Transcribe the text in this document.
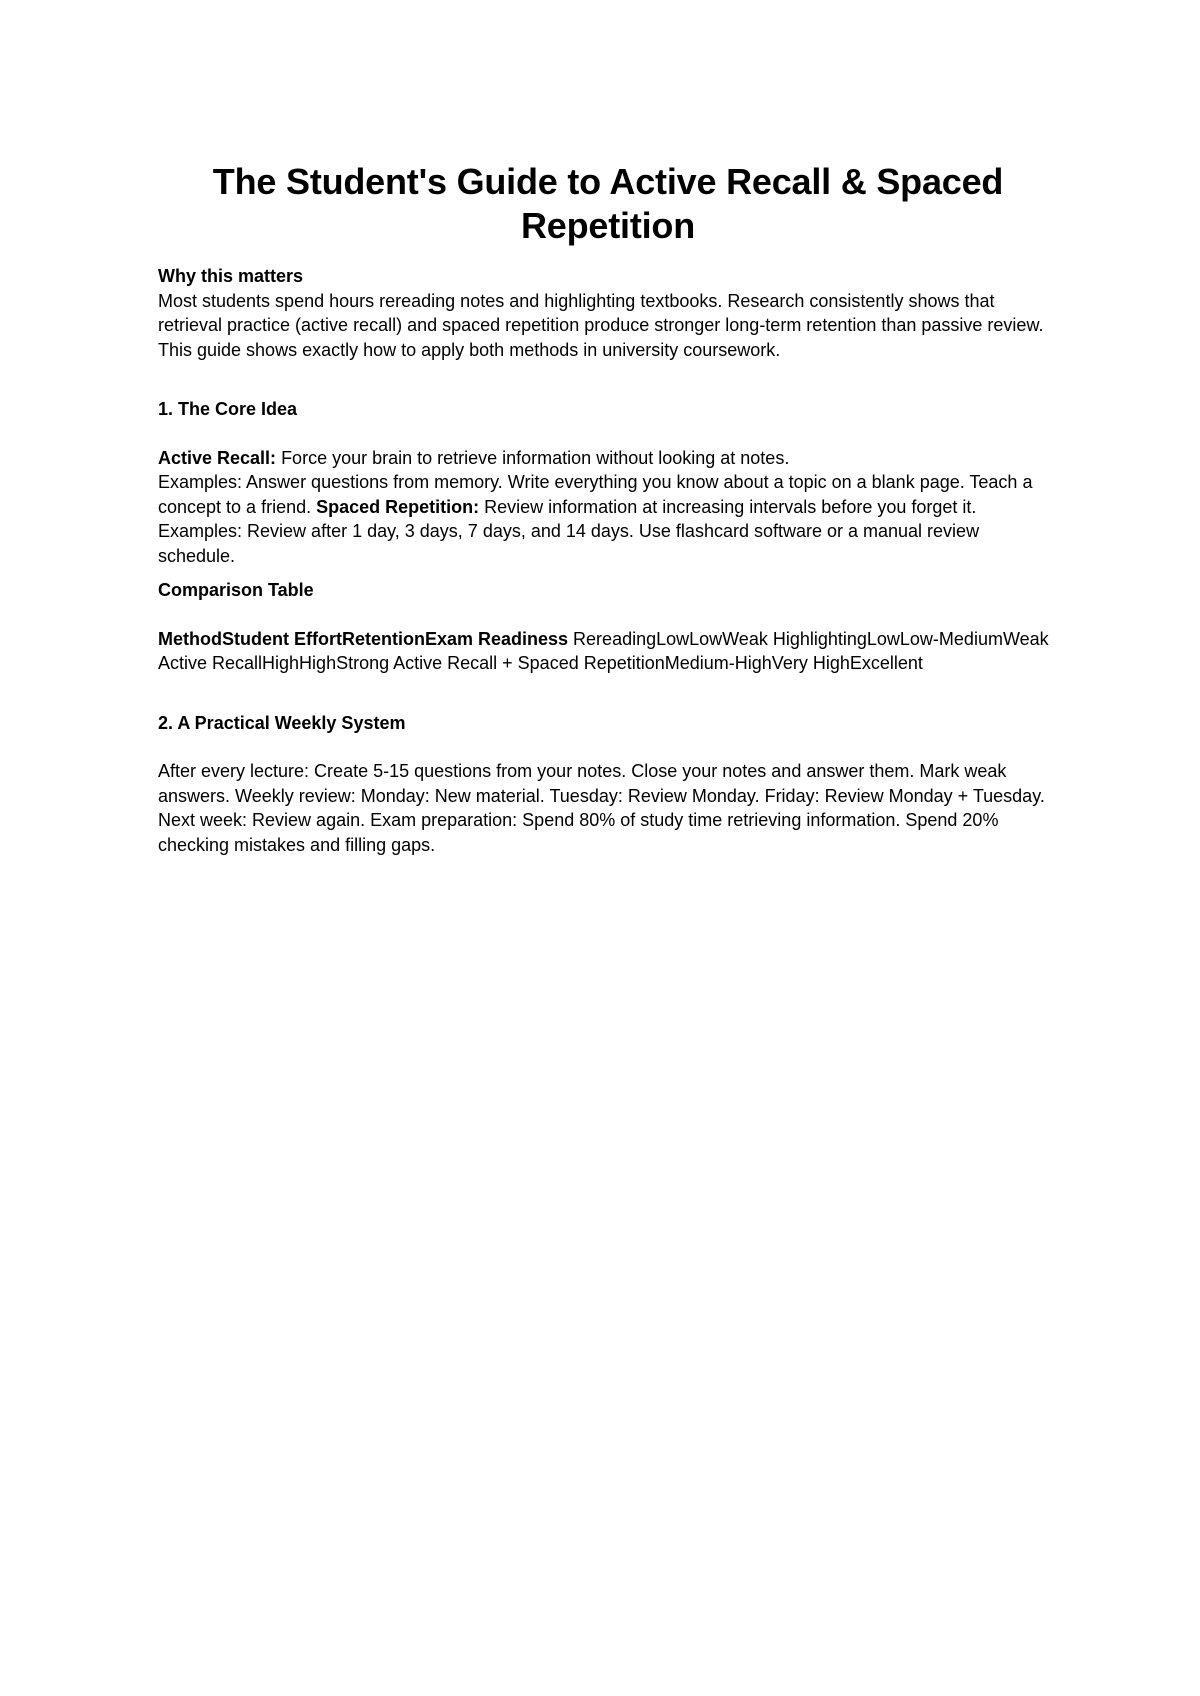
The Student's Guide to Active Recall & Spaced Repetition

Why this matters

Most students spend hours rereading notes and highlighting textbooks. Research consistently shows that retrieval practice (active recall) and spaced repetition produce stronger long-term retention than passive review. This guide shows exactly how to apply both methods in university coursework.

1. The Core Idea

Active Recall: Force your brain to retrieve information without looking at notes.
Examples: Answer questions from memory. Write everything you know about a topic on a blank page. Teach a concept to a friend. Spaced Repetition: Review information at increasing intervals before you forget it.
Examples: Review after 1 day, 3 days, 7 days, and 14 days. Use flashcard software or a manual review schedule.

Comparison Table

MethodStudent EffortRetentionExam Readiness RereadingLowLowWeak HighlightingLowLow-MediumWeak Active RecallHighHighStrong Active Recall + Spaced RepetitionMedium-HighVery HighExcellent

2. A Practical Weekly System

After every lecture: Create 5-15 questions from your notes. Close your notes and answer them. Mark weak answers. Weekly review: Monday: New material. Tuesday: Review Monday. Friday: Review Monday + Tuesday. Next week: Review again. Exam preparation: Spend 80% of study time retrieving information. Spend 20% checking mistakes and filling gaps.
